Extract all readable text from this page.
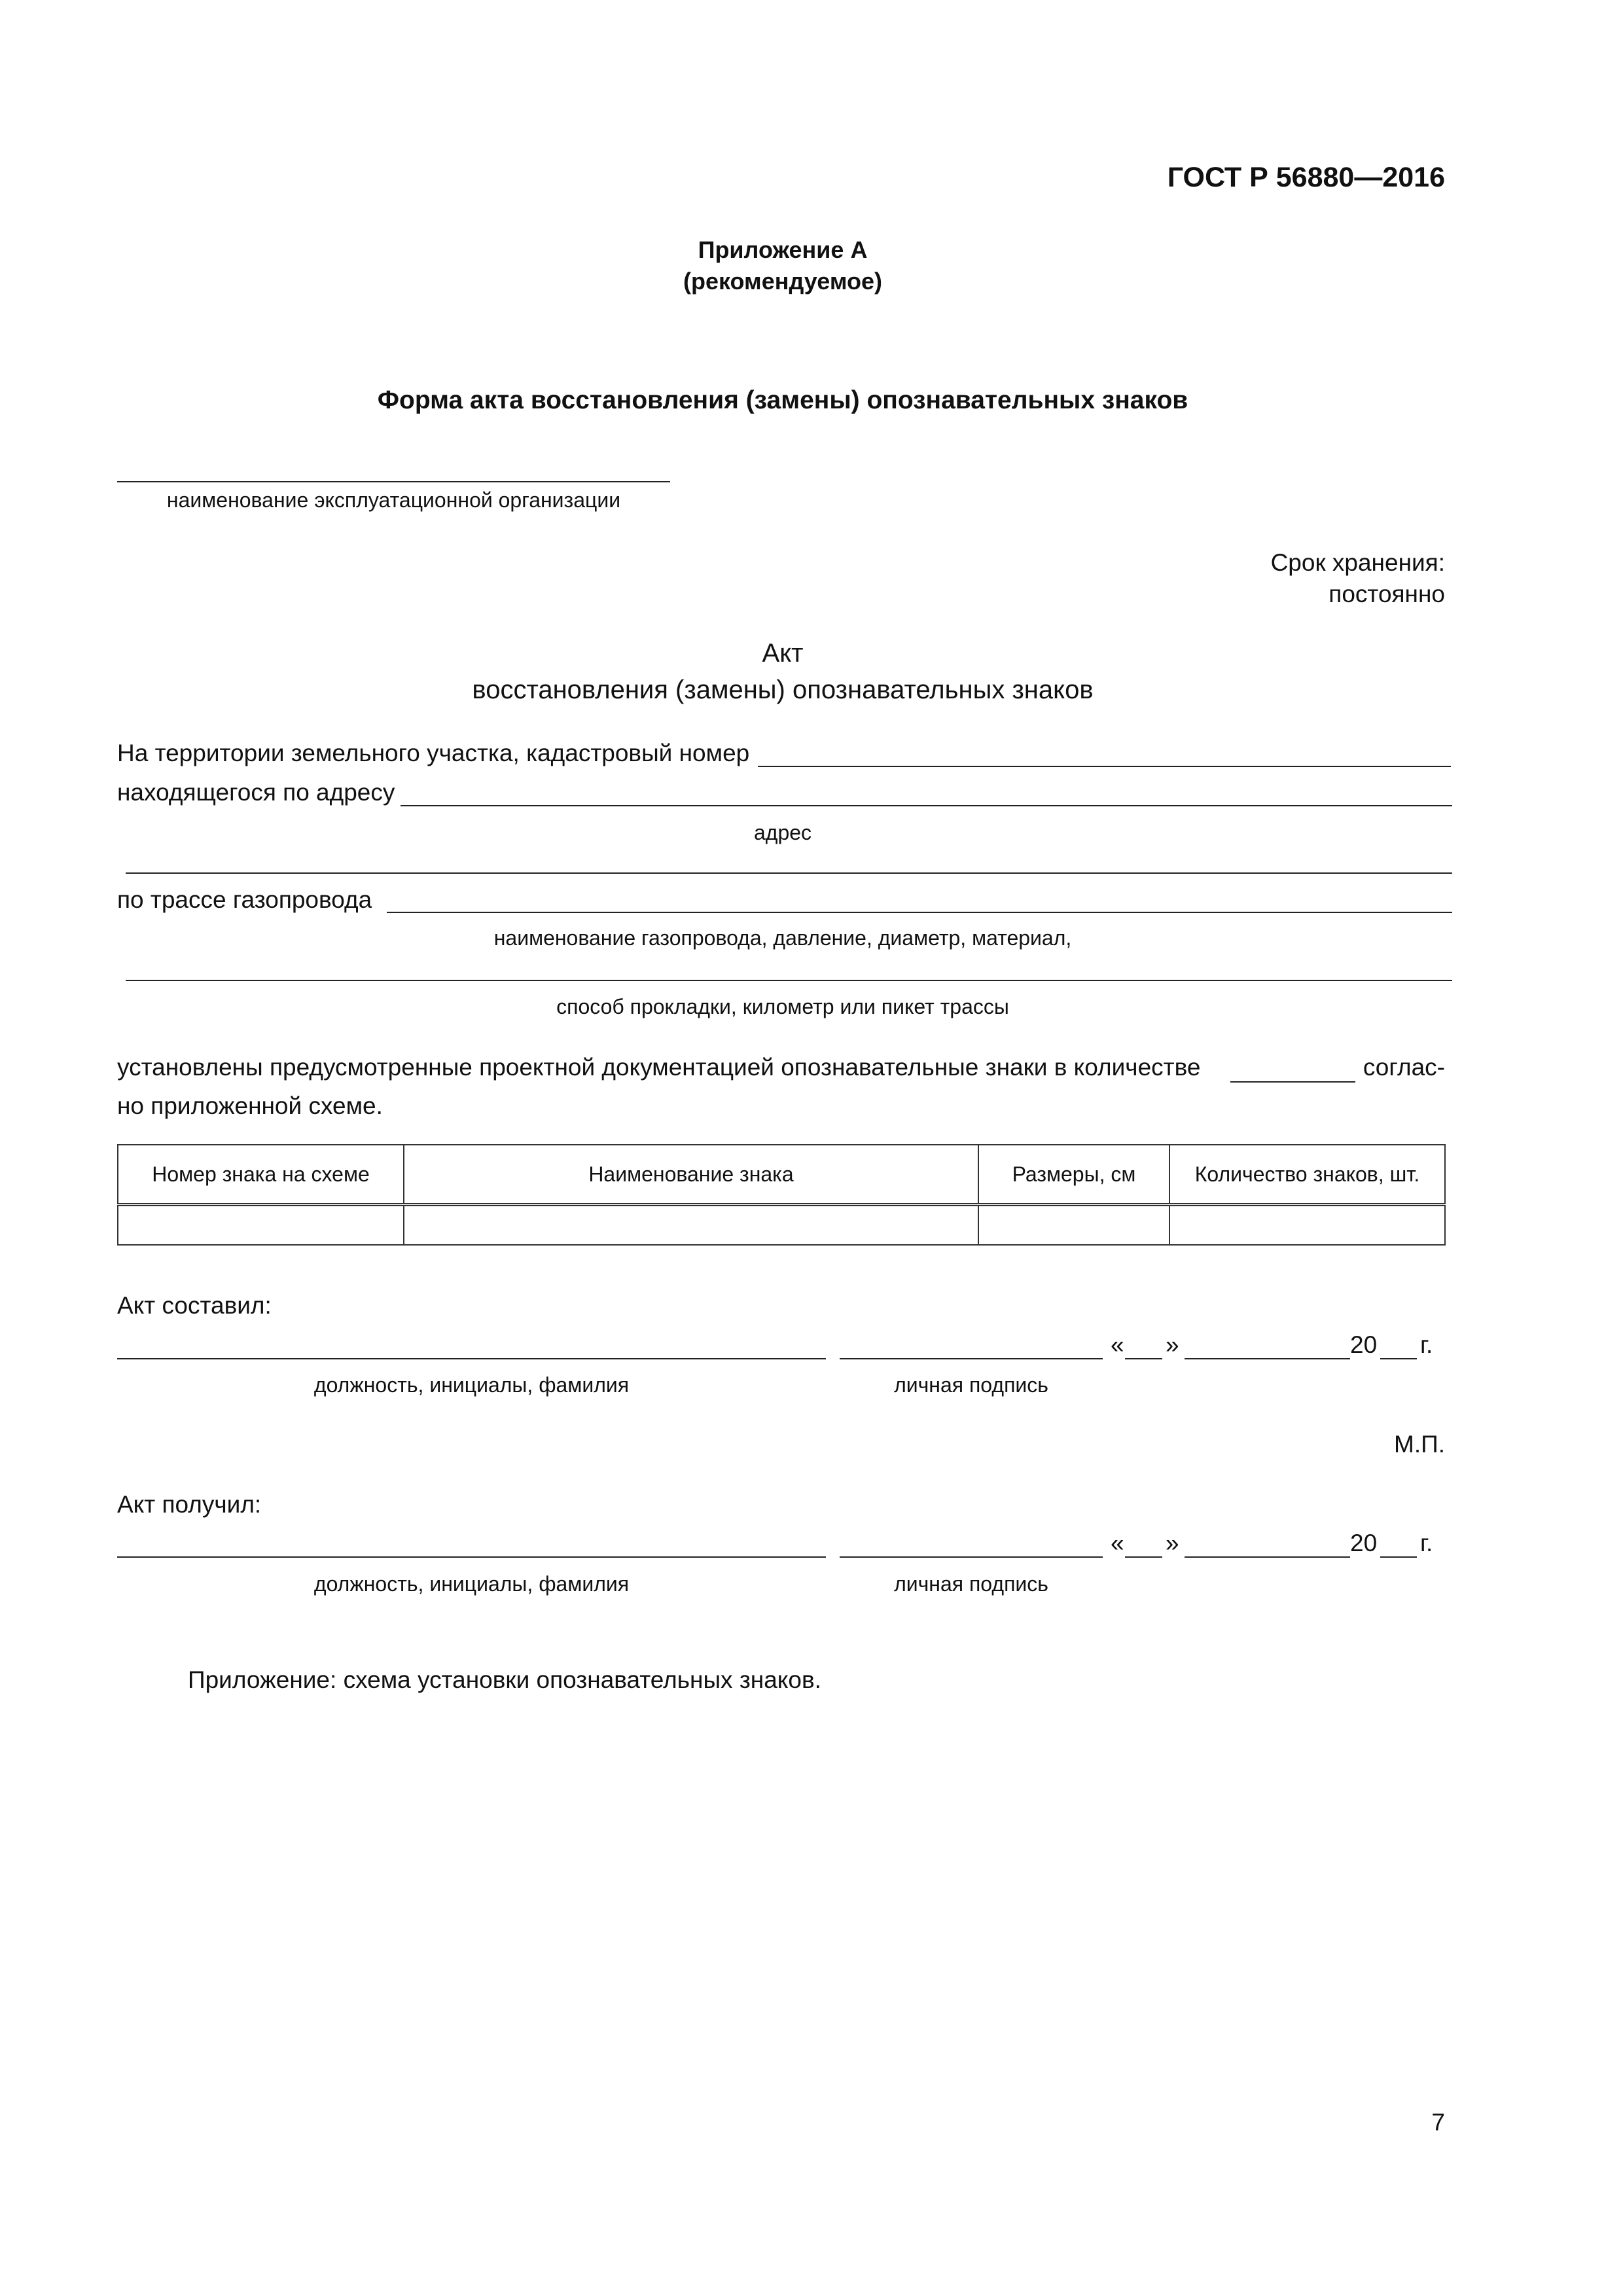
ГОСТ Р 56880—2016
Приложение А
(рекомендуемое)
Форма акта восстановления (замены) опознавательных знаков
наименование эксплуатационной организации
Срок хранения:
постоянно
Акт
восстановления (замены) опознавательных знаков
На территории земельного участка, кадастровый номер
находящегося по адресу
адрес
по трассе газопровода
наименование газопровода, давление, диаметр, материал,
способ прокладки, километр или пикет трассы
установлены предусмотренные проектной документацией опознавательные знаки в количестве	соглас-
но приложенной схеме.
Номер знака на схеме	Наименование знака	Размеры, см	Количество знаков, шт.

Акт составил:
« »	20 г.
должность, инициалы, фамилия	личная подпись
М.П.
Акт получил:
« »	20 г.
должность, инициалы, фамилия	личная подпись
Приложение: схема установки опознавательных знаков.
7
